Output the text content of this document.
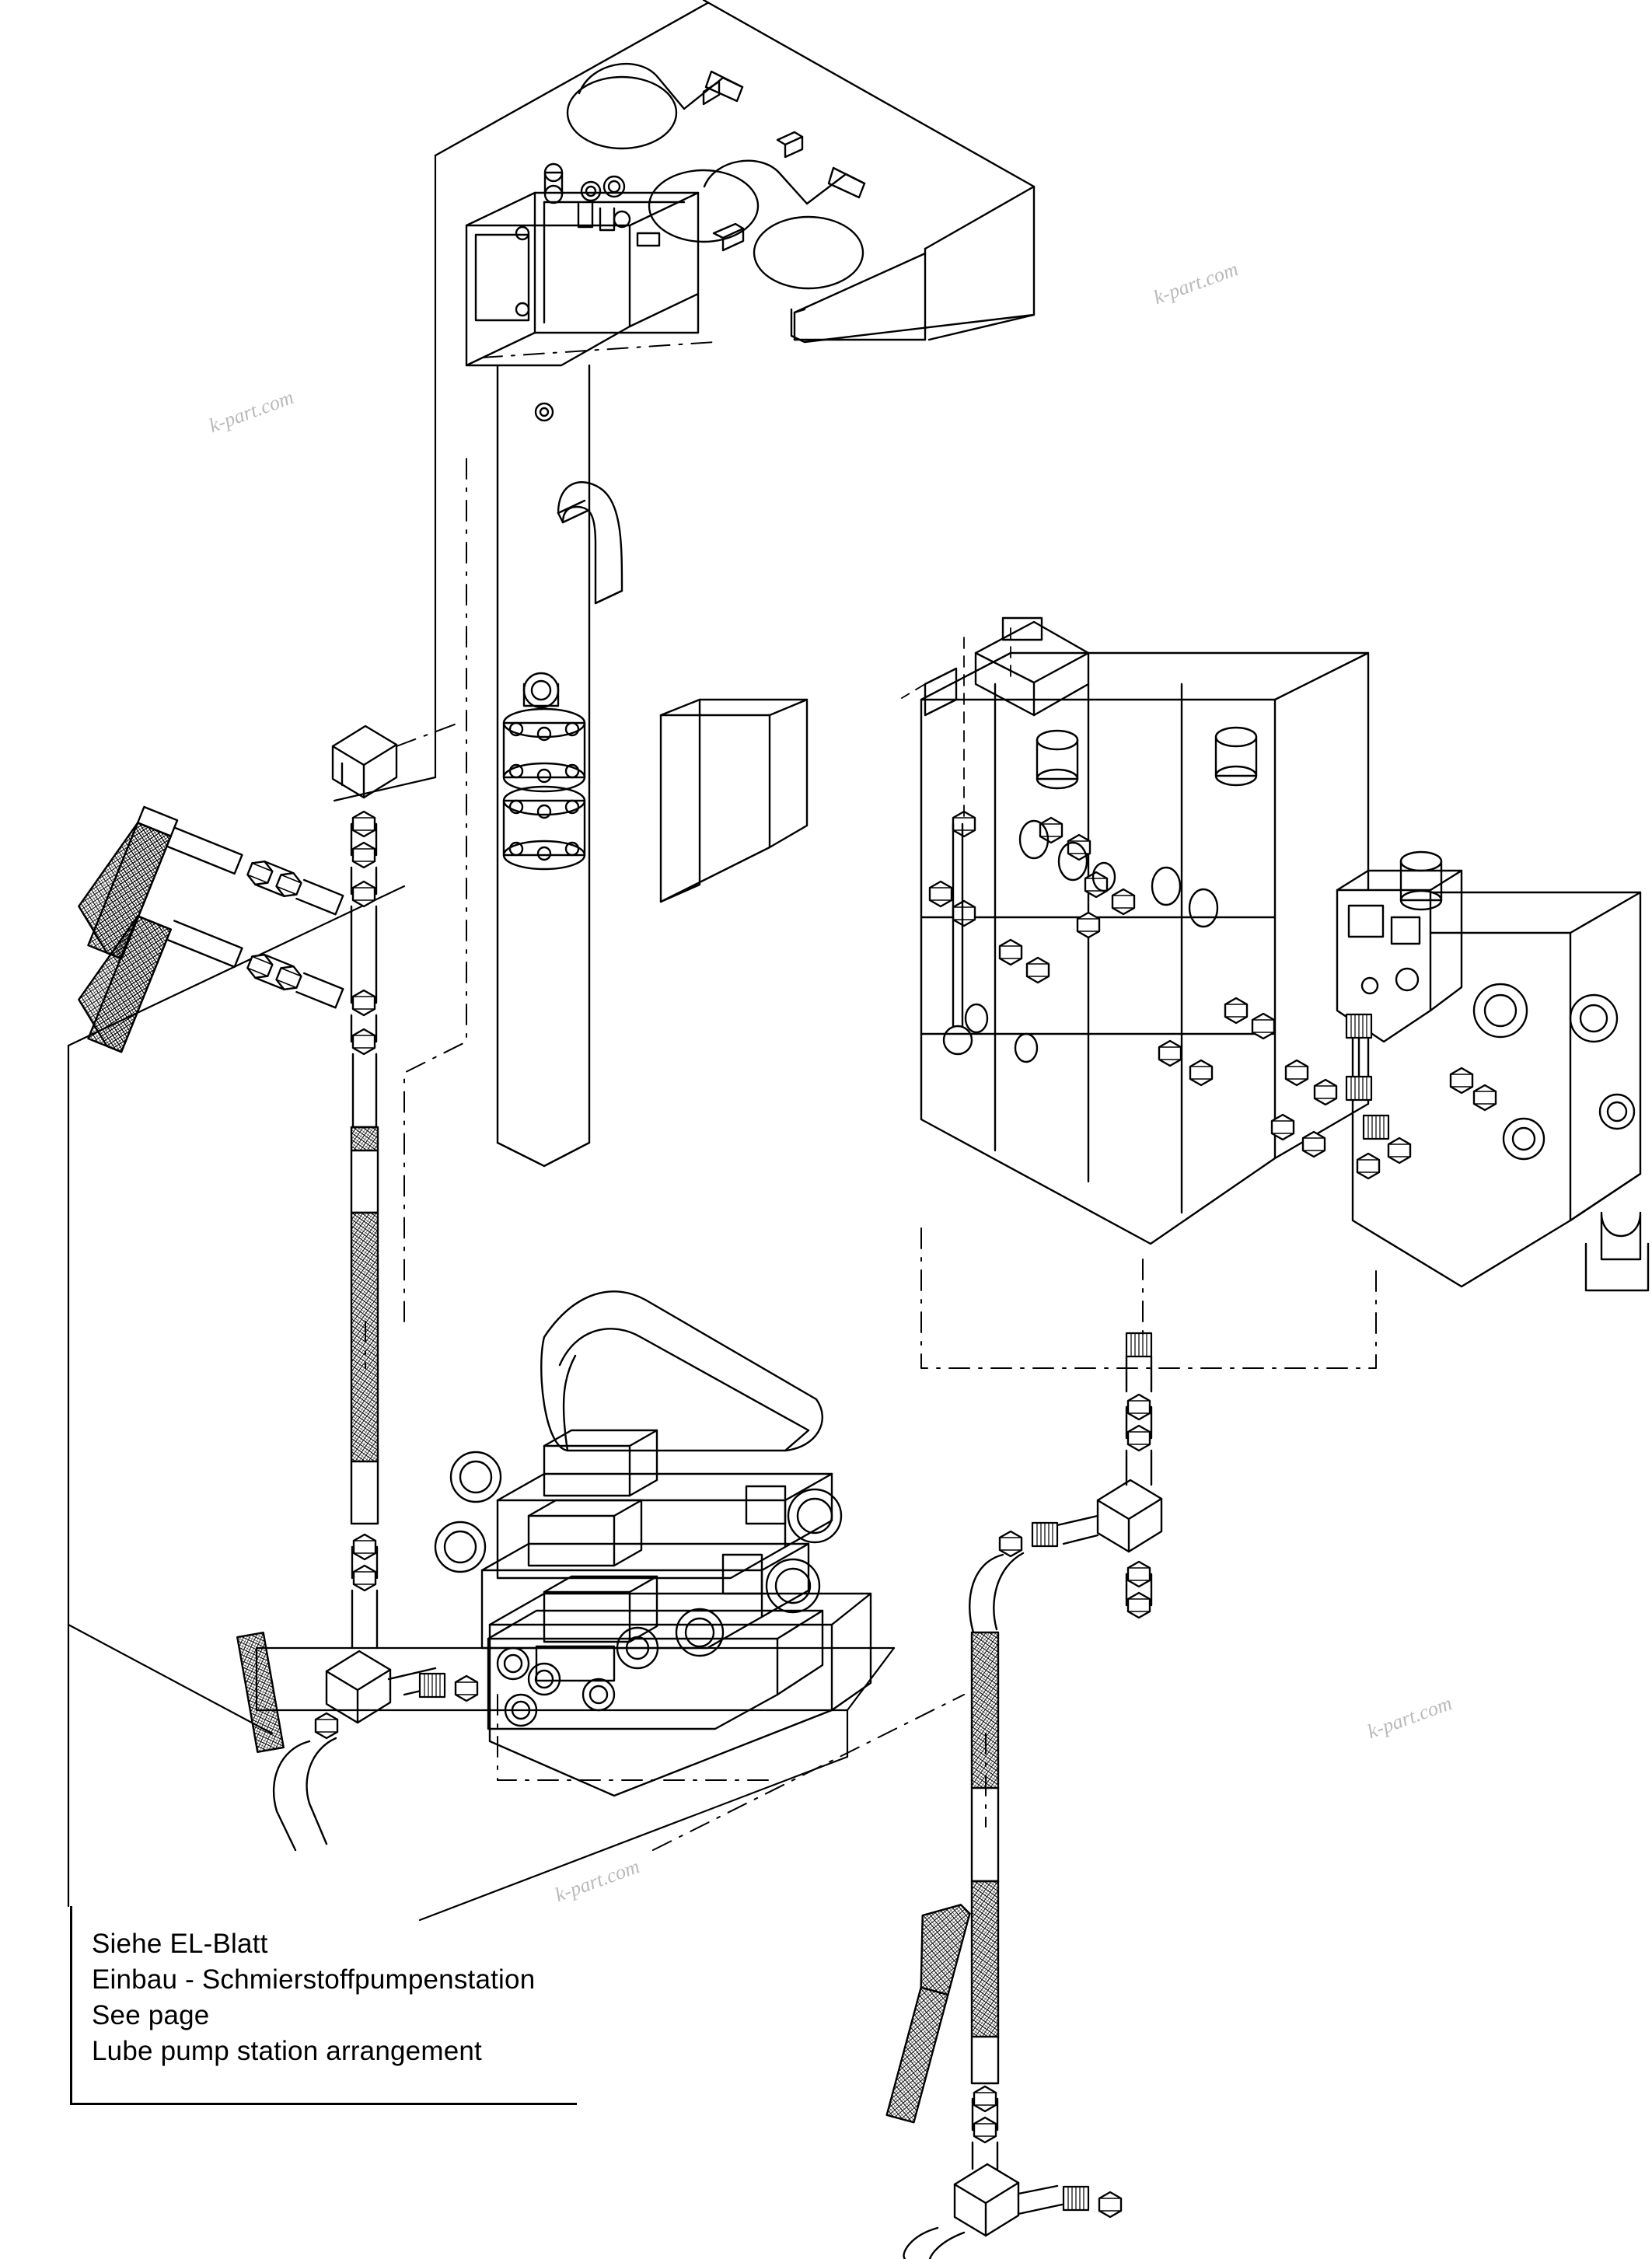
k-part.com
k-part.com
k-part.com
k-part.com
Siehe EL-Blatt
Einbau - Schmierstoffpumpenstation
See page
Lube pump station arrangement
